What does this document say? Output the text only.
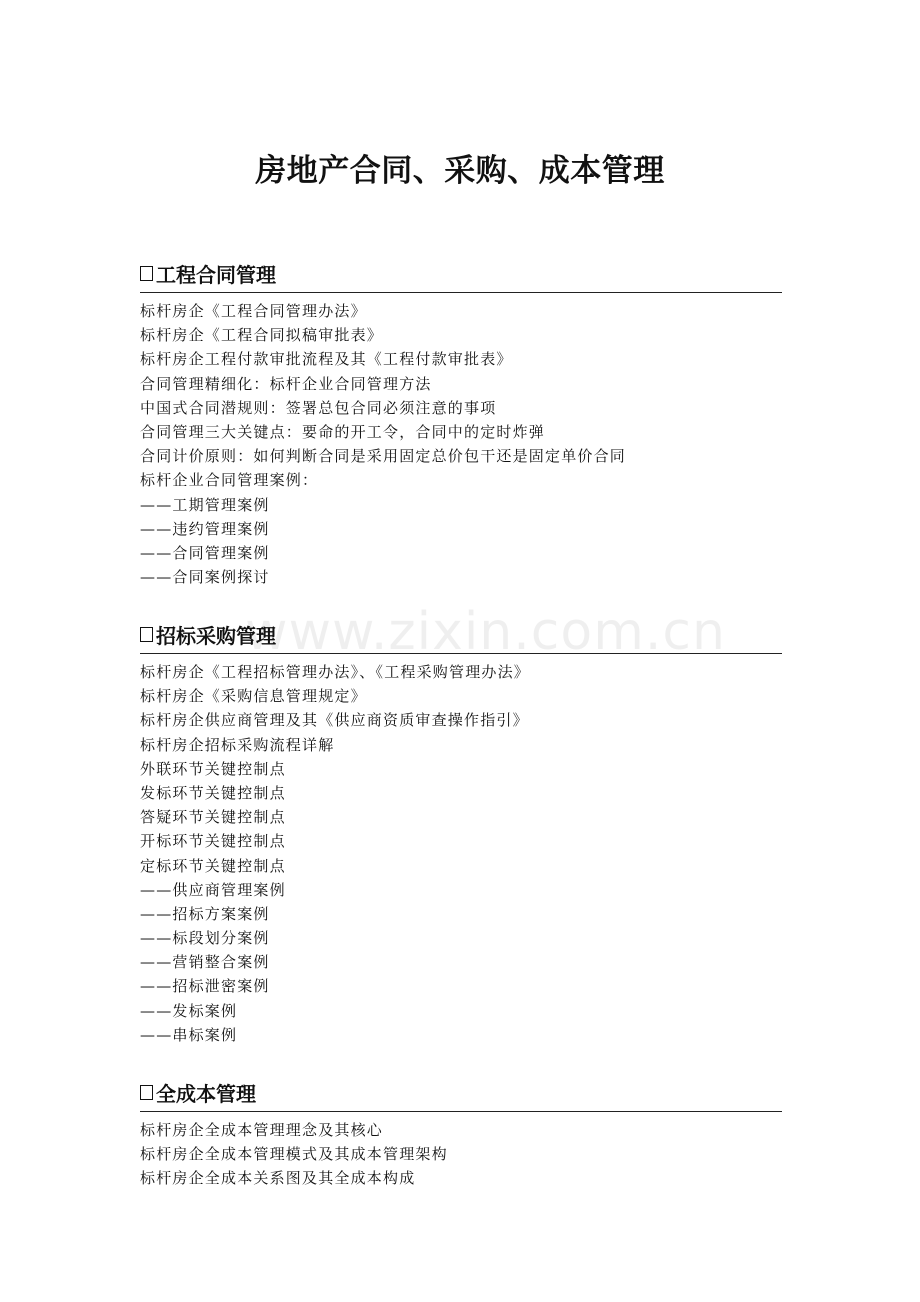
www.zixin.com.cn
房地产合同、采购、成本管理
工程合同管理
标杆房企《工程合同管理办法》
标杆房企《工程合同拟稿审批表》
标杆房企工程付款审批流程及其《工程付款审批表》
合同管理精细化：标杆企业合同管理方法
中国式合同潜规则：签署总包合同必须注意的事项
合同管理三大关键点：要命的开工令，合同中的定时炸弹
合同计价原则：如何判断合同是采用固定总价包干还是固定单价合同
标杆企业合同管理案例：
——工期管理案例
——违约管理案例
——合同管理案例
——合同案例探讨
招标采购管理
标杆房企《工程招标管理办法》、《工程采购管理办法》
标杆房企《采购信息管理规定》
标杆房企供应商管理及其《供应商资质审查操作指引》
标杆房企招标采购流程详解
外联环节关键控制点
发标环节关键控制点
答疑环节关键控制点
开标环节关键控制点
定标环节关键控制点
——供应商管理案例
——招标方案案例
——标段划分案例
——营销整合案例
——招标泄密案例
——发标案例
——串标案例
全成本管理
标杆房企全成本管理理念及其核心
标杆房企全成本管理模式及其成本管理架构
标杆房企全成本关系图及其全成本构成
